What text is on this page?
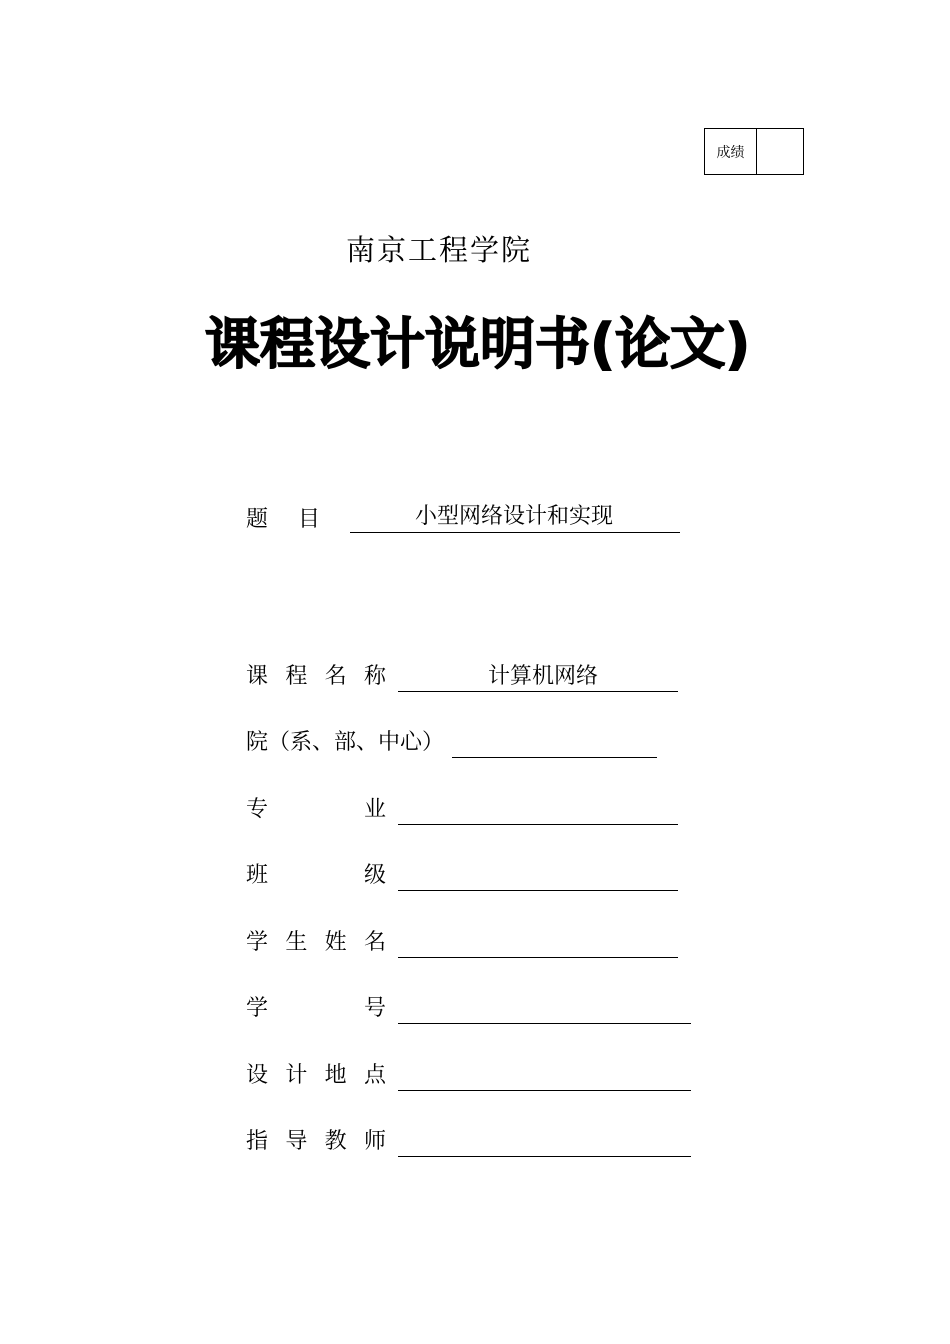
成绩
南京工程学院
课程设计说明书(论文)
题目	小型网络设计和实现
课 程 名 称	计算机网络
院（系、部、中心）
专	业
班	级
学 生 姓 名
学	号
设 计 地 点
指 导 教 师
